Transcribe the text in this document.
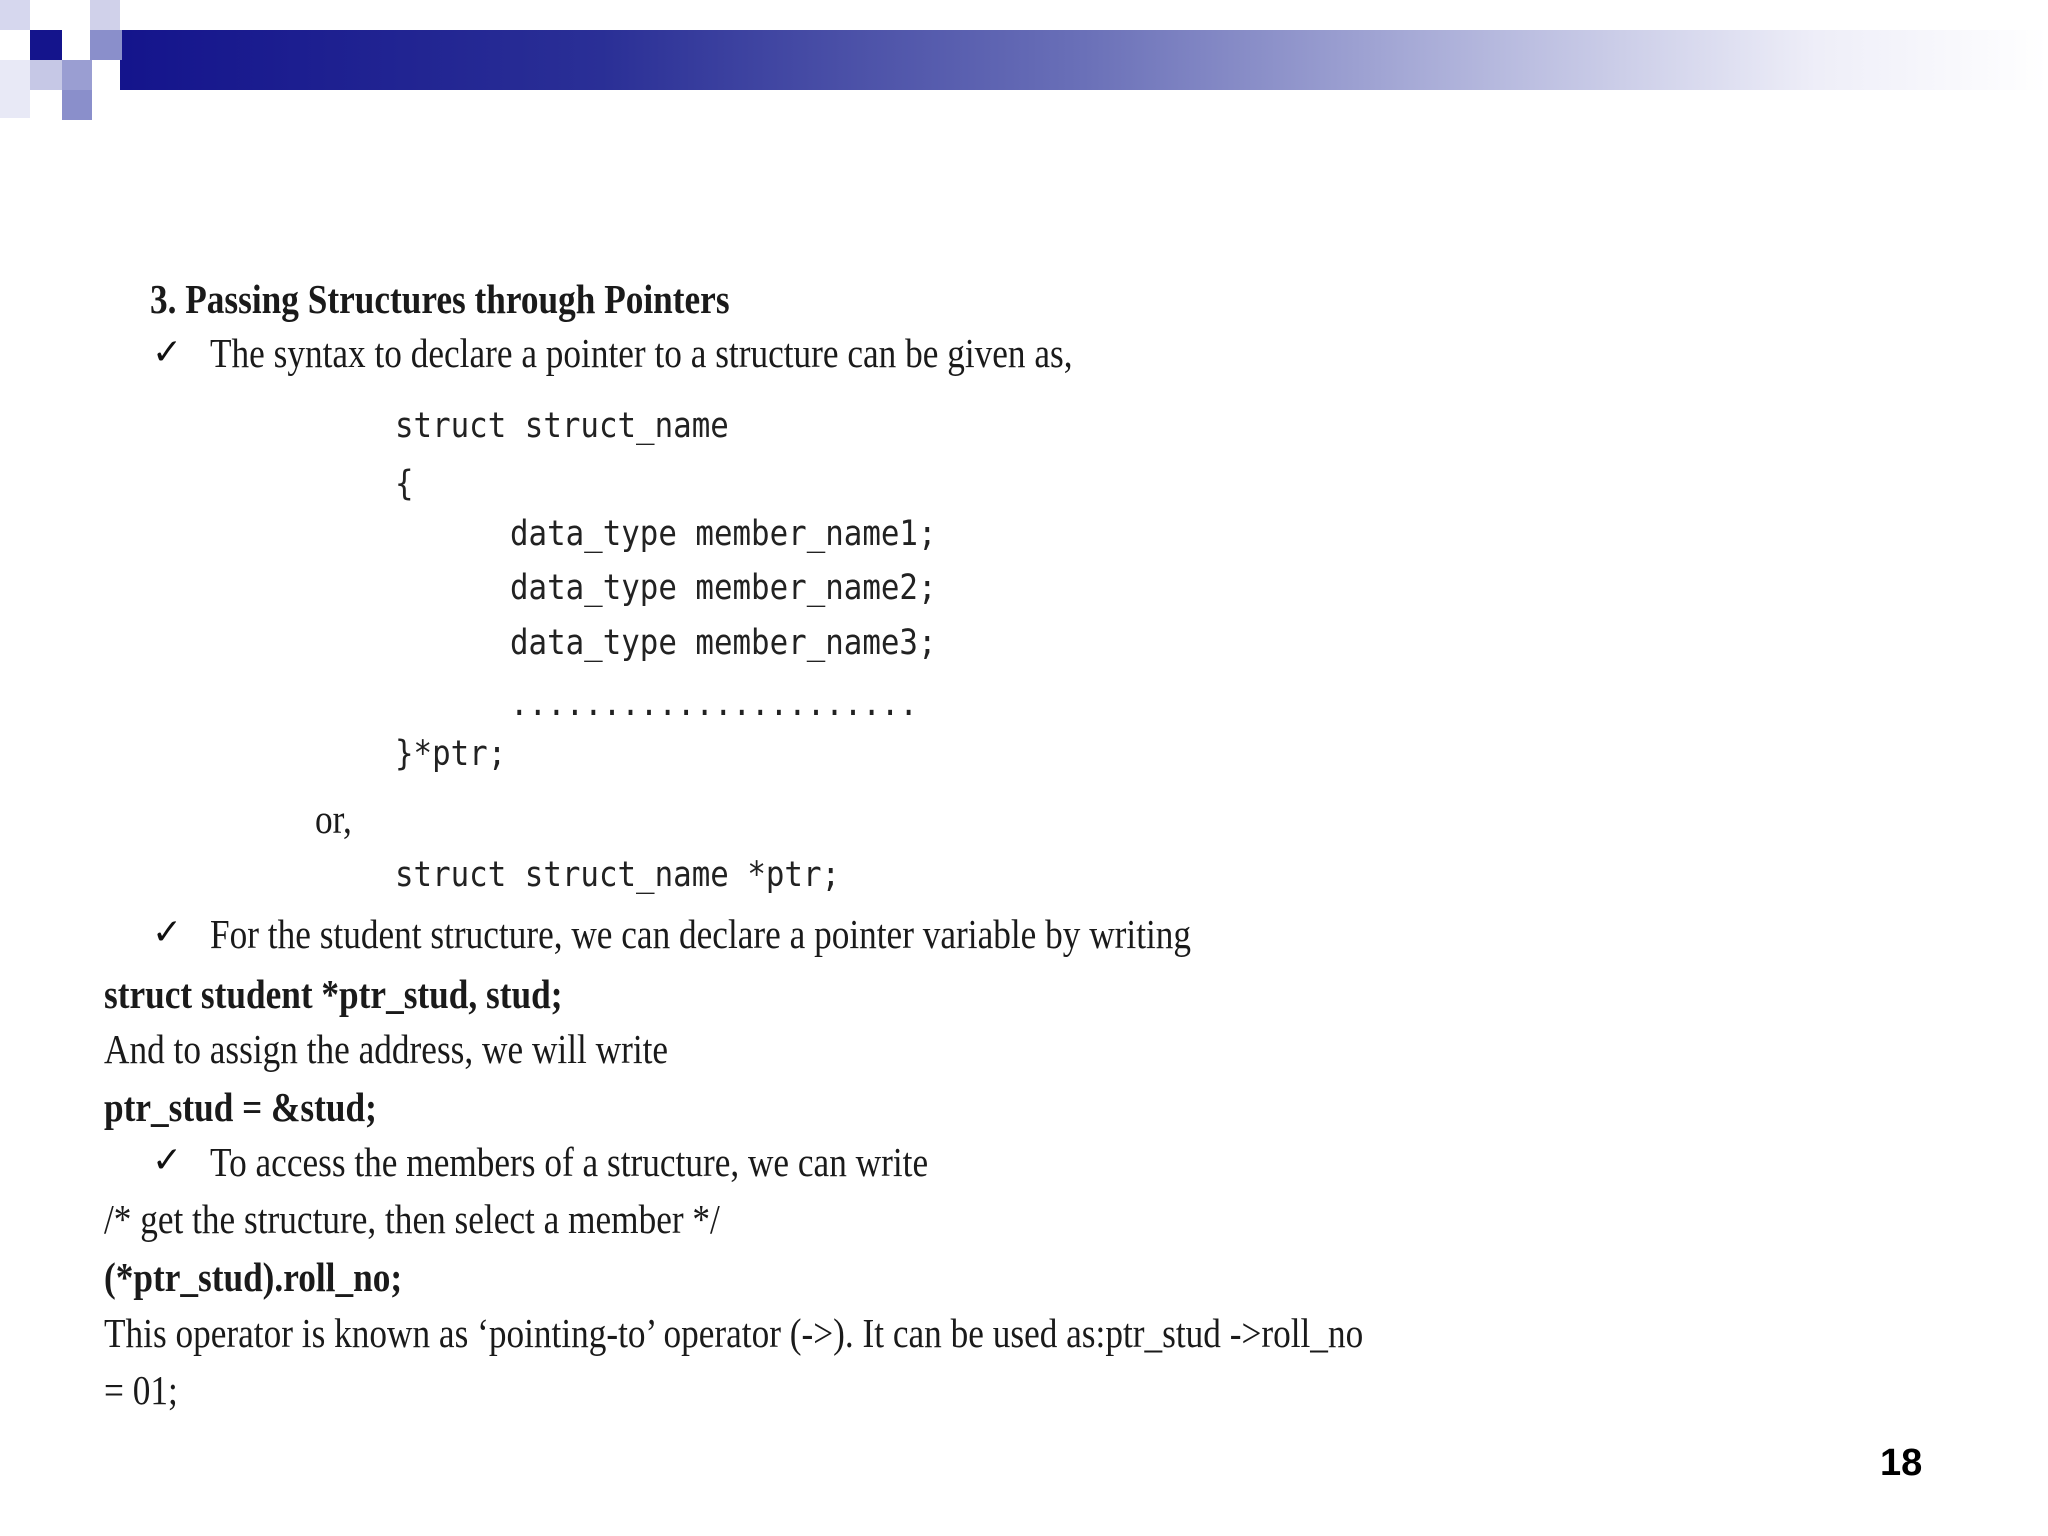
3. Passing Structures through Pointers
✓ The syntax to declare a pointer to a structure can be given as,
struct struct_name
{
data_type member_name1;
data_type member_name2;
data_type member_name3;
......................
}*ptr;
or,
struct struct_name *ptr;
✓ For the student structure, we can declare a pointer variable by writing
struct student *ptr_stud, stud;
And to assign the address, we will write
ptr_stud = &stud;
✓ To access the members of a structure, we can write
/* get the structure, then select a member */
(*ptr_stud).roll_no;
This operator is known as ‘pointing-to’ operator (->). It can be used as:ptr_stud ->roll_no
= 01;
18
